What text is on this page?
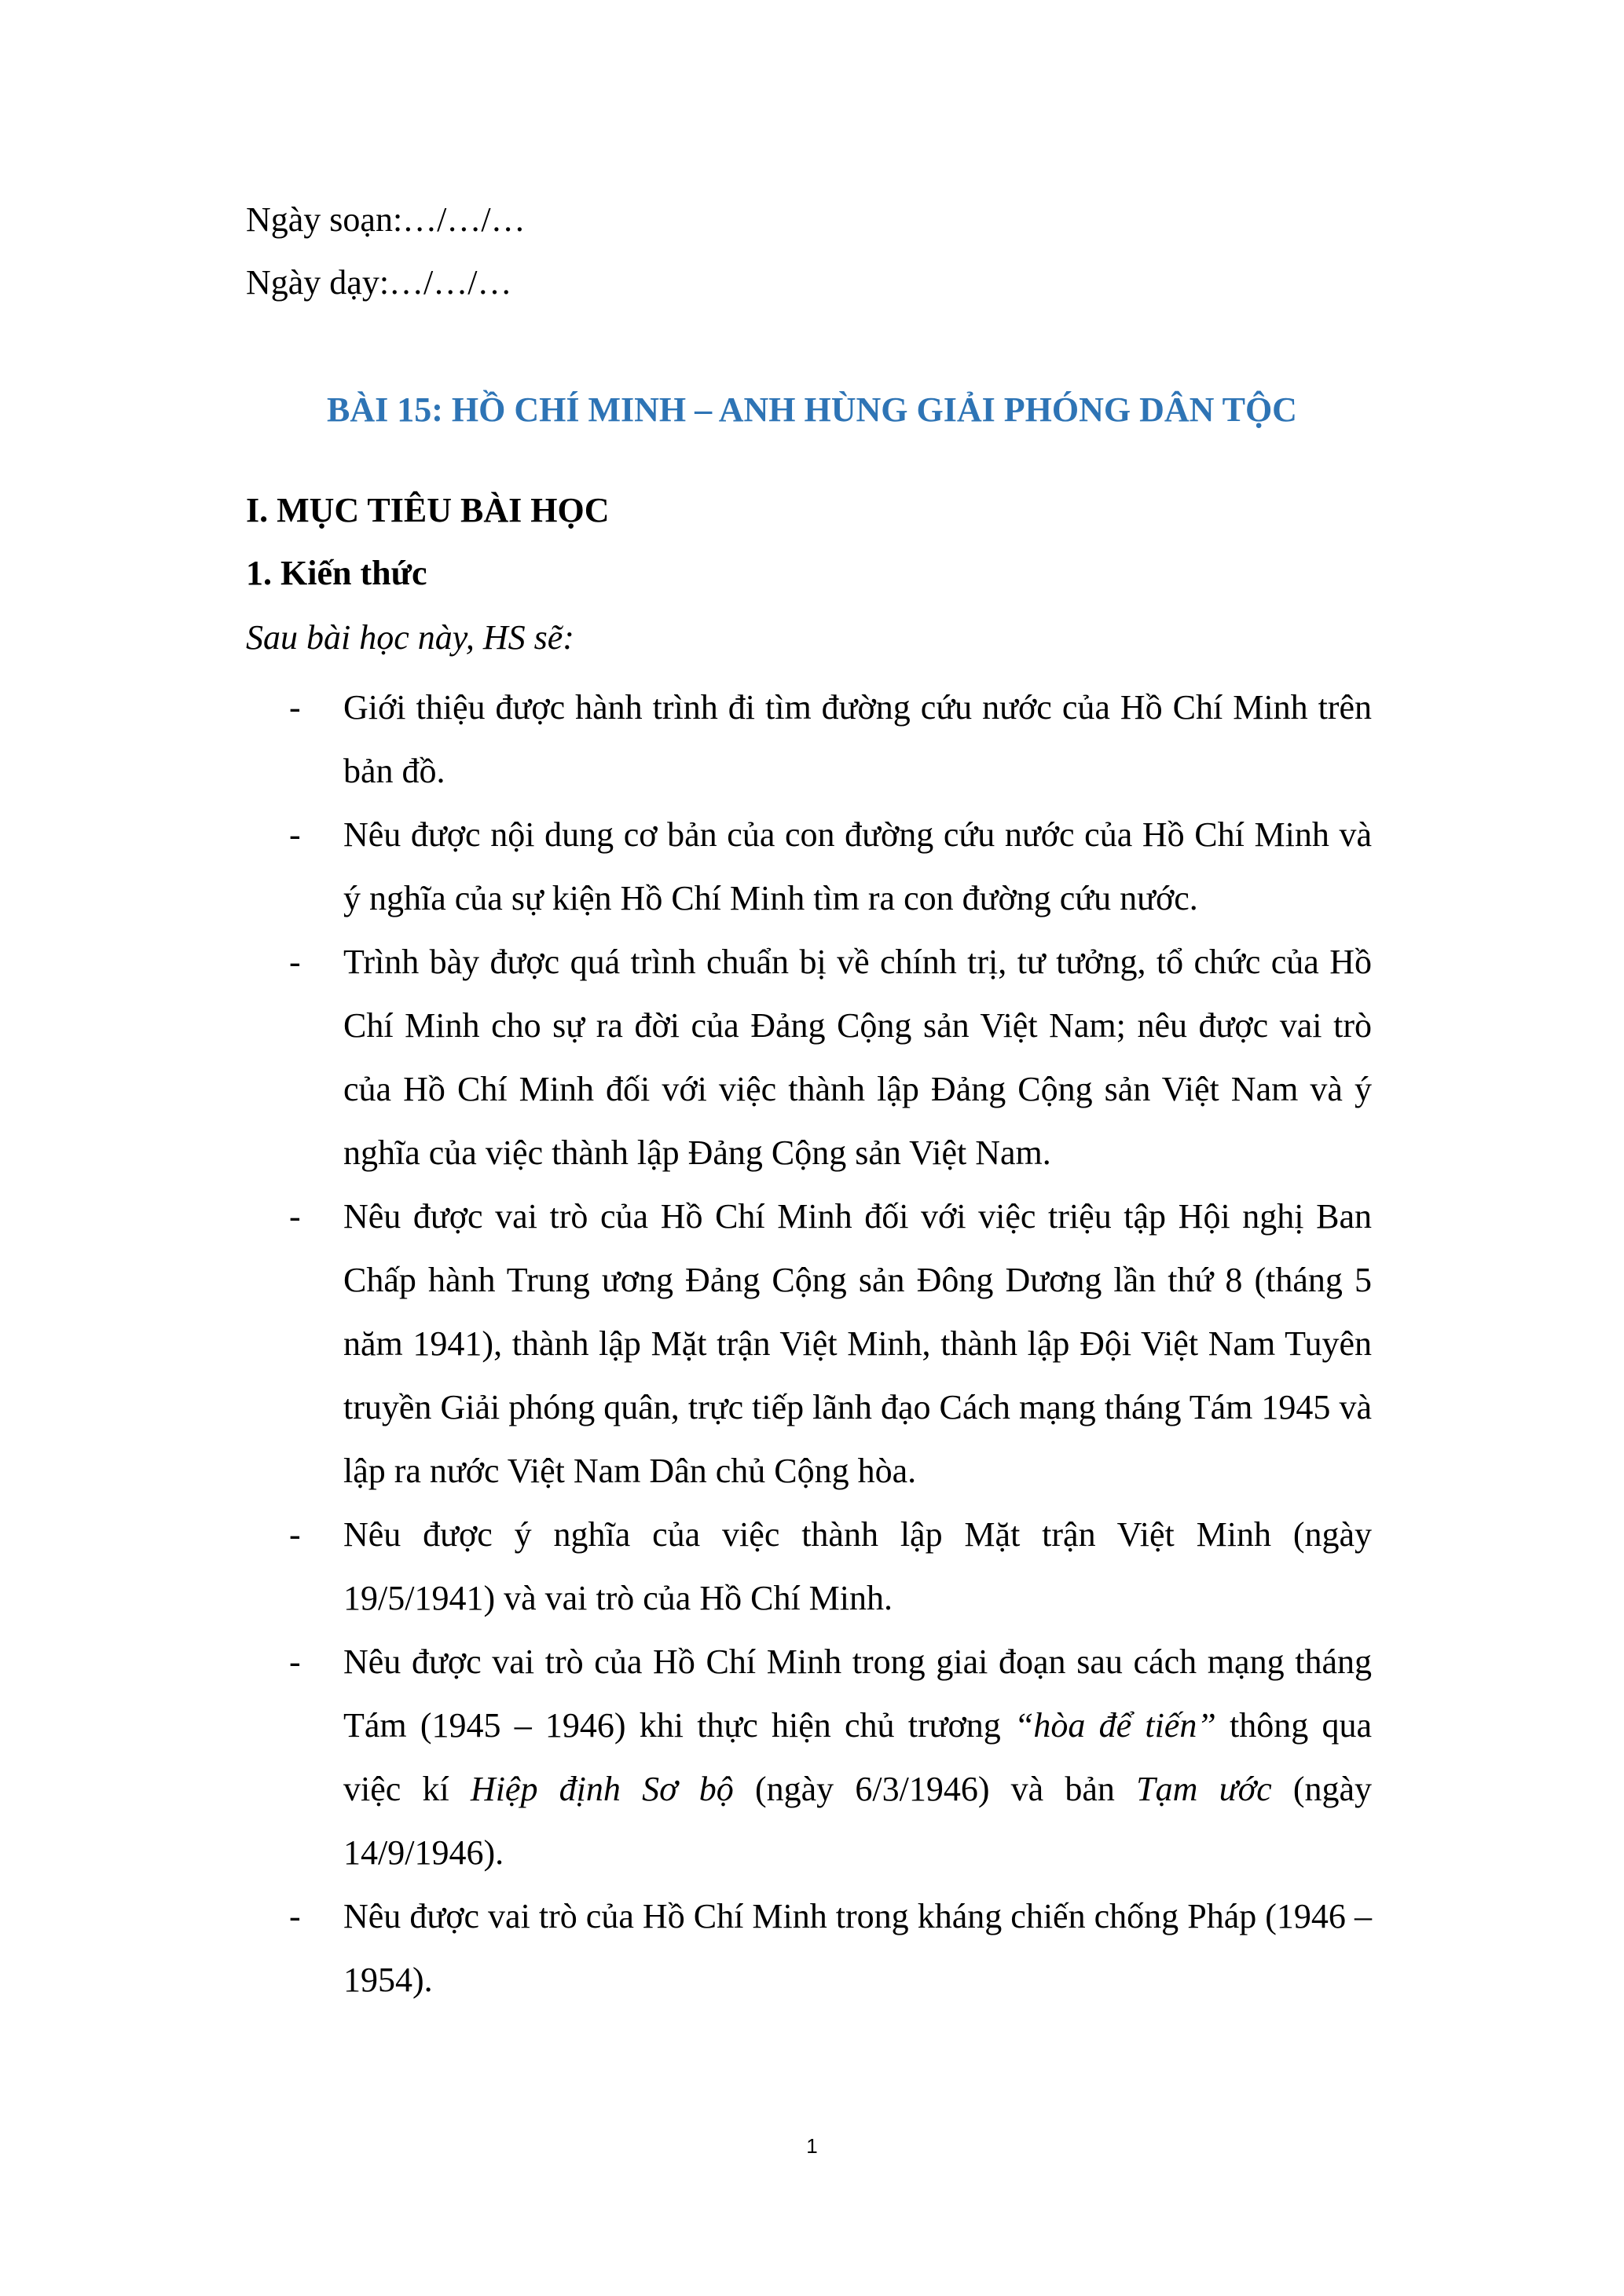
Ngày soạn:…/…/…
Ngày dạy:…/…/…
BÀI 15: HỒ CHÍ MINH – ANH HÙNG GIẢI PHÓNG DÂN TỘC
I. MỤC TIÊU BÀI HỌC
1. Kiến thức
Sau bài học này, HS sẽ:
- Giới thiệu được hành trình đi tìm đường cứu nước của Hồ Chí Minh trên bản đồ.
- Nêu được nội dung cơ bản của con đường cứu nước của Hồ Chí Minh và ý nghĩa của sự kiện Hồ Chí Minh tìm ra con đường cứu nước.
- Trình bày được quá trình chuẩn bị về chính trị, tư tưởng, tổ chức của Hồ Chí Minh cho sự ra đời của Đảng Cộng sản Việt Nam; nêu được vai trò của Hồ Chí Minh đối với việc thành lập Đảng Cộng sản Việt Nam và ý nghĩa của việc thành lập Đảng Cộng sản Việt Nam.
- Nêu được vai trò của Hồ Chí Minh đối với việc triệu tập Hội nghị Ban Chấp hành Trung ương Đảng Cộng sản Đông Dương lần thứ 8 (tháng 5 năm 1941), thành lập Mặt trận Việt Minh, thành lập Đội Việt Nam Tuyên truyền Giải phóng quân, trực tiếp lãnh đạo Cách mạng tháng Tám 1945 và lập ra nước Việt Nam Dân chủ Cộng hòa.
- Nêu được ý nghĩa của việc thành lập Mặt trận Việt Minh (ngày 19/5/1941) và vai trò của Hồ Chí Minh.
- Nêu được vai trò của Hồ Chí Minh trong giai đoạn sau cách mạng tháng Tám (1945 – 1946) khi thực hiện chủ trương “hòa để tiến” thông qua việc kí Hiệp định Sơ bộ (ngày 6/3/1946) và bản Tạm ước (ngày 14/9/1946).
- Nêu được vai trò của Hồ Chí Minh trong kháng chiến chống Pháp (1946 – 1954).
1
